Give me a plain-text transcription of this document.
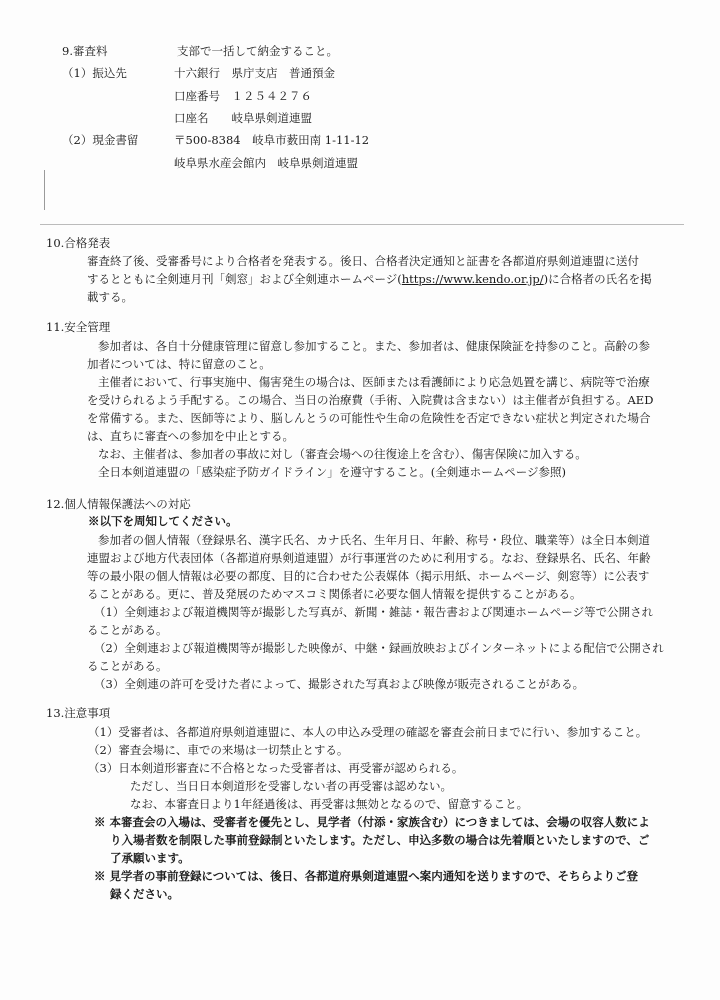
9.審査料	支部で一括して納金すること。
（1）振込先	十六銀行　県庁支店　普通預金
口座番号　１２５４２７６
口座名　　岐阜県剣道連盟
（2）現金書留	〒500-8384　岐阜市薮田南 1-11-12
岐阜県水産会館内　岐阜県剣道連盟
10.合格発表
審査終了後、受審番号により合格者を発表する。後日、合格者決定通知と証書を各都道府県剣道連盟に送付
するとともに全剣連月刊「剣窓」および全剣連ホームページ(https://www.kendo.or.jp/)に合格者の氏名を掲
載する。
11.安全管理
参加者は、各自十分健康管理に留意し参加すること。また、参加者は、健康保険証を持参のこと。高齢の参
加者については、特に留意のこと。
主催者において、行事実施中、傷害発生の場合は、医師または看護師により応急処置を講じ、病院等で治療
を受けられるよう手配する。この場合、当日の治療費（手術、入院費は含まない）は主催者が負担する。AED
を常備する。また、医師等により、脳しんとうの可能性や生命の危険性を否定できない症状と判定された場合
は、直ちに審査への参加を中止とする。
なお、主催者は、参加者の事故に対し（審査会場への往復途上を含む）、傷害保険に加入する。
全日本剣道連盟の「感染症予防ガイドライン」を遵守すること。(全剣連ホームページ参照)
12.個人情報保護法への対応
※以下を周知してください。
参加者の個人情報（登録県名、漢字氏名、カナ氏名、生年月日、年齢、称号・段位、職業等）は全日本剣道
連盟および地方代表団体（各都道府県剣道連盟）が行事運営のために利用する。なお、登録県名、氏名、年齢
等の最小限の個人情報は必要の都度、目的に合わせた公表媒体（掲示用紙、ホームページ、剣窓等）に公表す
ることがある。更に、普及発展のためマスコミ関係者に必要な個人情報を提供することがある。
（1）全剣連および報道機関等が撮影した写真が、新聞・雑誌・報告書および関連ホームページ等で公開され
ることがある。
（2）全剣連および報道機関等が撮影した映像が、中継・録画放映およびインターネットによる配信で公開され
ることがある。
（3）全剣連の許可を受けた者によって、撮影された写真および映像が販売されることがある。
13.注意事項
（1）受審者は、各都道府県剣道連盟に、本人の申込み受理の確認を審査会前日までに行い、参加すること。
（2）審査会場に、車での来場は一切禁止とする。
（3）日本剣道形審査に不合格となった受審者は、再受審が認められる。
ただし、当日日本剣道形を受審しない者の再受審は認めない。
なお、本審査日より1年経過後は、再受審は無効となるので、留意すること。
※ 本審査会の入場は、受審者を優先とし、見学者（付添・家族含む）につきましては、会場の収容人数によ
り入場者数を制限した事前登録制といたします。ただし、申込多数の場合は先着順といたしますので、ご
了承願います。
※ 見学者の事前登録については、後日、各都道府県剣道連盟へ案内通知を送りますので、そちらよりご登
録ください。
